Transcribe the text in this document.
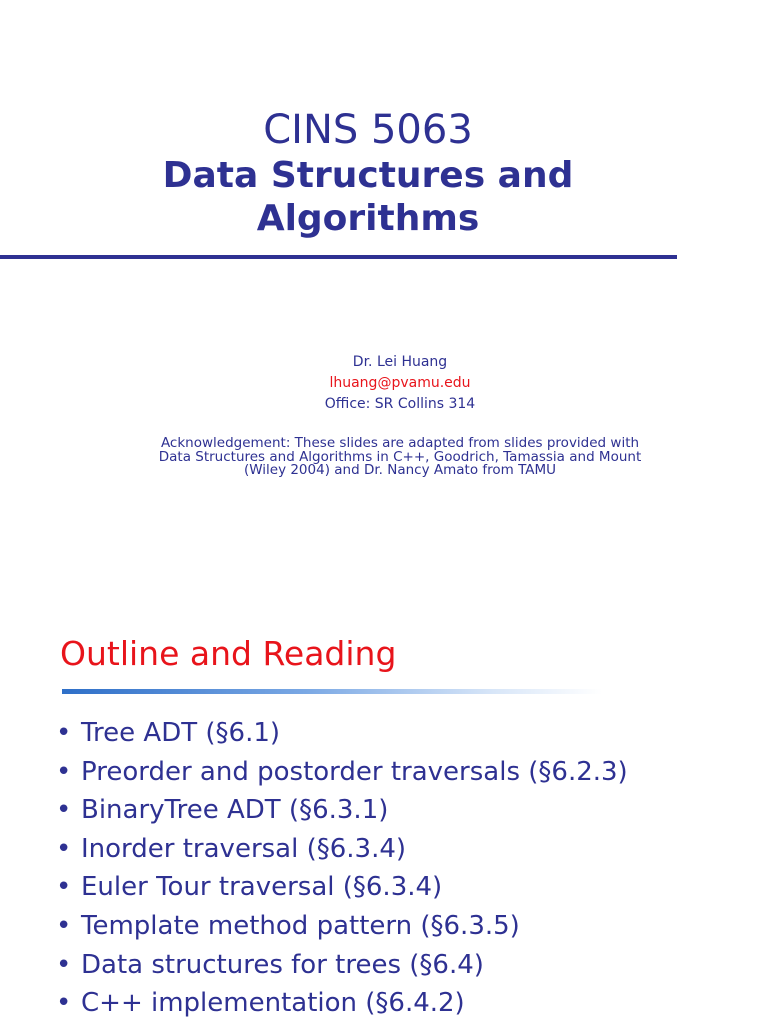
CINS 5063
Data Structures and
Algorithms
Dr. Lei Huang
lhuang@pvamu.edu
Office: SR Collins 314
Acknowledgement: These slides are adapted from slides provided with
Data Structures and Algorithms in C++, Goodrich, Tamassia and Mount
(Wiley 2004) and Dr. Nancy Amato from TAMU
Outline and Reading
• Tree ADT (§6.1)
• Preorder and postorder traversals (§6.2.3)
• BinaryTree ADT (§6.3.1)
• Inorder traversal (§6.3.4)
• Euler Tour traversal (§6.3.4)
• Template method pattern (§6.3.5)
• Data structures for trees (§6.4)
• C++ implementation (§6.4.2)
